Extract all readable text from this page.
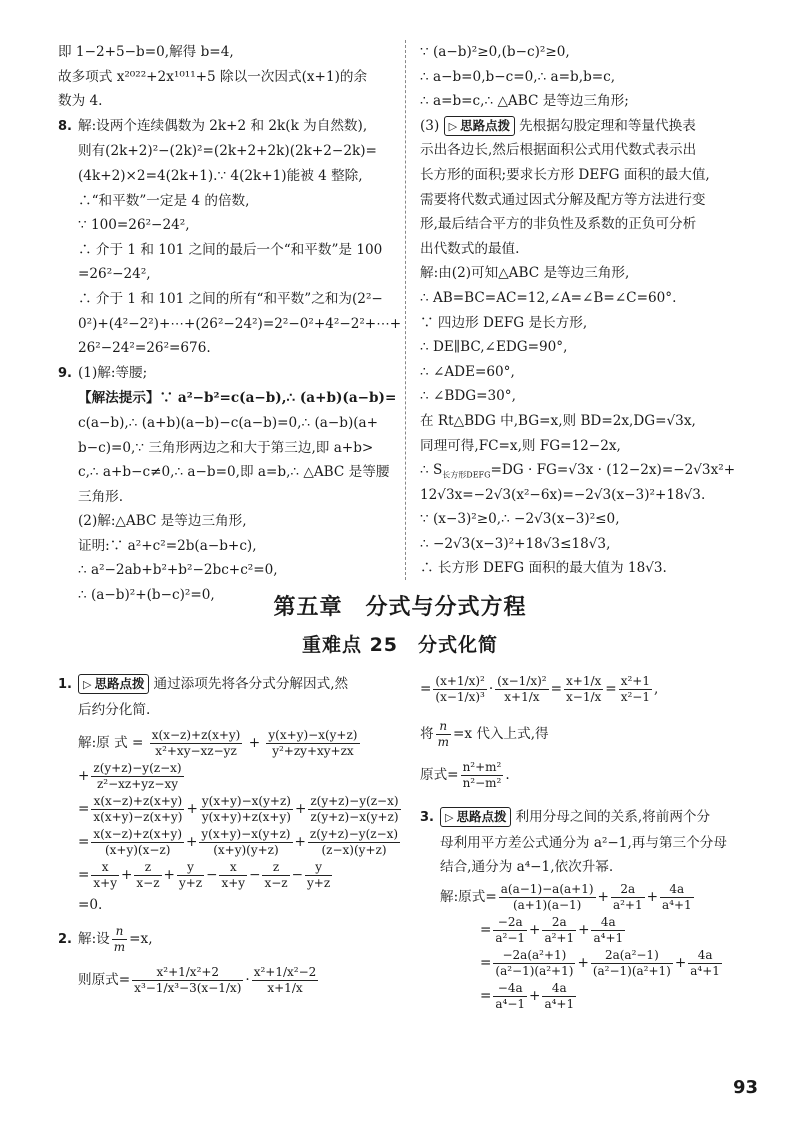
即 1−2+5−b=0,解得 b=4,
故多项式 x²⁰²²+2x¹⁰¹¹+5 除以一次因式(x+1)的余
数为 4.
8. 解:设两个连续偶数为 2k+2 和 2k(k 为自然数),
则有(2k+2)²−(2k)²=(2k+2+2k)(2k+2−2k)=
(4k+2)×2=4(2k+1).∵ 4(2k+1)能被 4 整除,
∴“和平数”一定是 4 的倍数,
∵ 100=26²−24²,
∴ 介于 1 和 101 之间的最后一个“和平数”是 100
=26²−24²,
∴ 介于 1 和 101 之间的所有“和平数”之和为(2²−
0²)+(4²−2²)+⋯+(26²−24²)=2²−0²+4²−2²+⋯+
26²−24²=26²=676.
9. (1)解:等腰;
【解法提示】∵ a²−b²=c(a−b),∴ (a+b)(a−b)=
c(a−b),∴ (a+b)(a−b)−c(a−b)=0,∴ (a−b)(a+
b−c)=0,∵ 三角形两边之和大于第三边,即 a+b>
c,∴ a+b−c≠0,∴ a−b=0,即 a=b,∴ △ABC 是等腰
三角形.
(2)解:△ABC 是等边三角形,
证明:∵ a²+c²=2b(a−b+c),
∴ a²−2ab+b²+b²−2bc+c²=0,
∴ (a−b)²+(b−c)²=0,
∵ (a−b)²≥0,(b−c)²≥0,
∴ a−b=0,b−c=0,∴ a=b,b=c,
∴ a=b=c,∴ △ABC 是等边三角形;
(3) ▷ 思路点拨 先根据勾股定理和等量代换表
示出各边长,然后根据面积公式用代数式表示出
长方形的面积;要求长方形 DEFG 面积的最大值,
需要将代数式通过因式分解及配方等方法进行变
形,最后结合平方的非负性及系数的正负可分析
出代数式的最值.
解:由(2)可知△ABC 是等边三角形,
∴ AB=BC=AC=12,∠A=∠B=∠C=60°.
∵ 四边形 DEFG 是长方形,
∴ DE∥BC,∠EDG=90°,
∴ ∠ADE=60°,
∴ ∠BDG=30°,
在 Rt△BDG 中,BG=x,则 BD=2x,DG=√3x,
同理可得,FC=x,则 FG=12−2x,
∴ $S_{长方形DEFG}=DG \cdot FG=√3x \cdot (12-2x)=-2√3x^2+$
12√3x=−2√3(x²−6x)=−2√3(x−3)²+18√3.
∵ (x−3)²≥0,∴ −2√3(x−3)²≤0,
∴ −2√3(x−3)²+18√3≤18√3,
∴ 长方形 DEFG 面积的最大值为 18√3.
第五章　分式与分式方程
重难点 25　分式化简
1. ▷ 思路点拨 通过添项先将各分式分解因式,然
后约分化简.
解:原 式 = $\frac{x(x-z)+z(x+y)}{\text{x²+xy−xz−yz}} + \frac{y(x+y)-x(y+z)}{\text{y²+zy+xy+zx}}$
+ $\frac{z(y+z)-y(z-x)}{\text{z²−xz+yz−xy}}$
= $\frac{x(x-z)+z(x+y)}{x(x+y)-z(x+y)} + \frac{y(x+y)-x(y+z)}{y(x+y)+z(x+y)} + \frac{z(y+z)-y(z-x)}{z(y+z)-x(y+z)}$
= $\frac{x(x-z)+z(x+y)}{(x+y)(x-z)} + \frac{y(x+y)-x(y+z)}{(x+y)(y+z)} + \frac{z(y+z)-y(z-x)}{(z-x)(y+z)}$
= $\frac{x}{x+y} + \frac{z}{x-z} + \frac{y}{y+z} - \frac{x}{x+y} - \frac{z}{x-z} - \frac{y}{y+z}$
=0.
2. 解:设 $\frac{n}{m} =x$,
则原式= $\frac{\text{x²+1/x²+2}}{\text{x³−1/x³−3(x−1/x)}} \cdot \frac{\text{x²+1/x²−2}}{x+1/x}$
= $\frac{\text{(x+1/x)²}}{\text{(x−1/x)³}} \cdot \frac{\text{(x−1/x)²}}{x+1/x} = \frac{x+1/x}{x-1/x} = \frac{\text{x²+1}}{\text{x²−1}}$ ,
将 $\frac{n}{m} =x$ 代入上式,得
原式= $\frac{\text{n²+m²}}{\text{n²−m²}}$ .
3. ▷ 思路点拨 利用分母之间的关系,将前两个分
母利用平方差公式通分为 a²−1,再与第三个分母
结合,通分为 a⁴−1,依次升幂.
解:原式= $\frac{a(a-1)-a(a+1)}{(a+1)(a-1)} + \frac{2a}{\text{a²+1}} + \frac{4a}{\text{a⁴+1}}$
= $\frac{-2a}{\text{a²−1}} + \frac{2a}{\text{a²+1}} + \frac{4a}{\text{a⁴+1}}$
= $\frac{\text{−2a(a²+1)}}{\text{(a²−1)(a²+1)}} + \frac{\text{2a(a²−1)}}{\text{(a²−1)(a²+1)}} + \frac{4a}{\text{a⁴+1}}$
= $\frac{-4a}{\text{a⁴−1}} + \frac{4a}{\text{a⁴+1}}$
93
